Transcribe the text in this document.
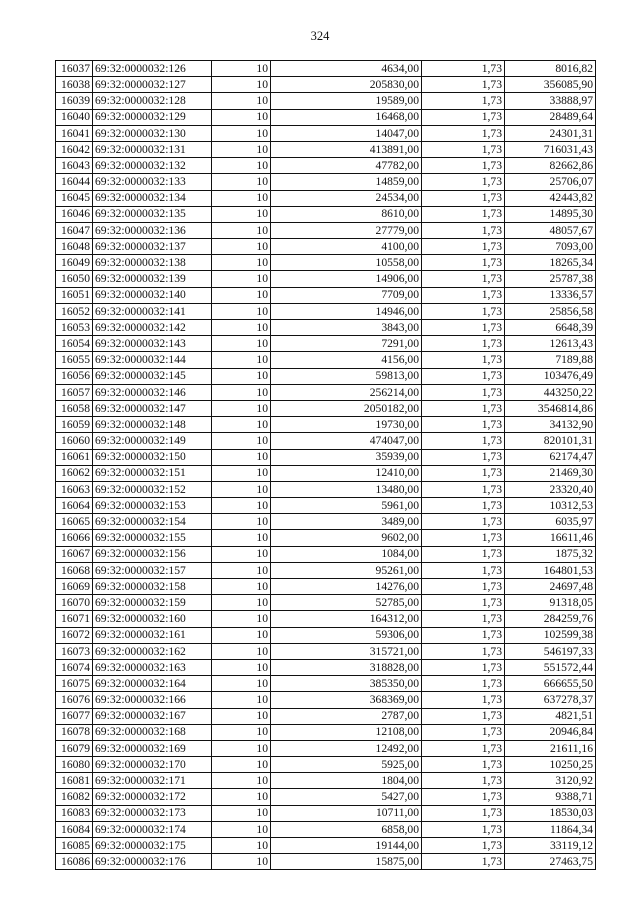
324
16037	69:32:0000032:126	10	4634,00	1,73	8016,82
16038	69:32:0000032:127	10	205830,00	1,73	356085,90
16039	69:32:0000032:128	10	19589,00	1,73	33888,97
16040	69:32:0000032:129	10	16468,00	1,73	28489,64
16041	69:32:0000032:130	10	14047,00	1,73	24301,31
16042	69:32:0000032:131	10	413891,00	1,73	716031,43
16043	69:32:0000032:132	10	47782,00	1,73	82662,86
16044	69:32:0000032:133	10	14859,00	1,73	25706,07
16045	69:32:0000032:134	10	24534,00	1,73	42443,82
16046	69:32:0000032:135	10	8610,00	1,73	14895,30
16047	69:32:0000032:136	10	27779,00	1,73	48057,67
16048	69:32:0000032:137	10	4100,00	1,73	7093,00
16049	69:32:0000032:138	10	10558,00	1,73	18265,34
16050	69:32:0000032:139	10	14906,00	1,73	25787,38
16051	69:32:0000032:140	10	7709,00	1,73	13336,57
16052	69:32:0000032:141	10	14946,00	1,73	25856,58
16053	69:32:0000032:142	10	3843,00	1,73	6648,39
16054	69:32:0000032:143	10	7291,00	1,73	12613,43
16055	69:32:0000032:144	10	4156,00	1,73	7189,88
16056	69:32:0000032:145	10	59813,00	1,73	103476,49
16057	69:32:0000032:146	10	256214,00	1,73	443250,22
16058	69:32:0000032:147	10	2050182,00	1,73	3546814,86
16059	69:32:0000032:148	10	19730,00	1,73	34132,90
16060	69:32:0000032:149	10	474047,00	1,73	820101,31
16061	69:32:0000032:150	10	35939,00	1,73	62174,47
16062	69:32:0000032:151	10	12410,00	1,73	21469,30
16063	69:32:0000032:152	10	13480,00	1,73	23320,40
16064	69:32:0000032:153	10	5961,00	1,73	10312,53
16065	69:32:0000032:154	10	3489,00	1,73	6035,97
16066	69:32:0000032:155	10	9602,00	1,73	16611,46
16067	69:32:0000032:156	10	1084,00	1,73	1875,32
16068	69:32:0000032:157	10	95261,00	1,73	164801,53
16069	69:32:0000032:158	10	14276,00	1,73	24697,48
16070	69:32:0000032:159	10	52785,00	1,73	91318,05
16071	69:32:0000032:160	10	164312,00	1,73	284259,76
16072	69:32:0000032:161	10	59306,00	1,73	102599,38
16073	69:32:0000032:162	10	315721,00	1,73	546197,33
16074	69:32:0000032:163	10	318828,00	1,73	551572,44
16075	69:32:0000032:164	10	385350,00	1,73	666655,50
16076	69:32:0000032:166	10	368369,00	1,73	637278,37
16077	69:32:0000032:167	10	2787,00	1,73	4821,51
16078	69:32:0000032:168	10	12108,00	1,73	20946,84
16079	69:32:0000032:169	10	12492,00	1,73	21611,16
16080	69:32:0000032:170	10	5925,00	1,73	10250,25
16081	69:32:0000032:171	10	1804,00	1,73	3120,92
16082	69:32:0000032:172	10	5427,00	1,73	9388,71
16083	69:32:0000032:173	10	10711,00	1,73	18530,03
16084	69:32:0000032:174	10	6858,00	1,73	11864,34
16085	69:32:0000032:175	10	19144,00	1,73	33119,12
16086	69:32:0000032:176	10	15875,00	1,73	27463,75
